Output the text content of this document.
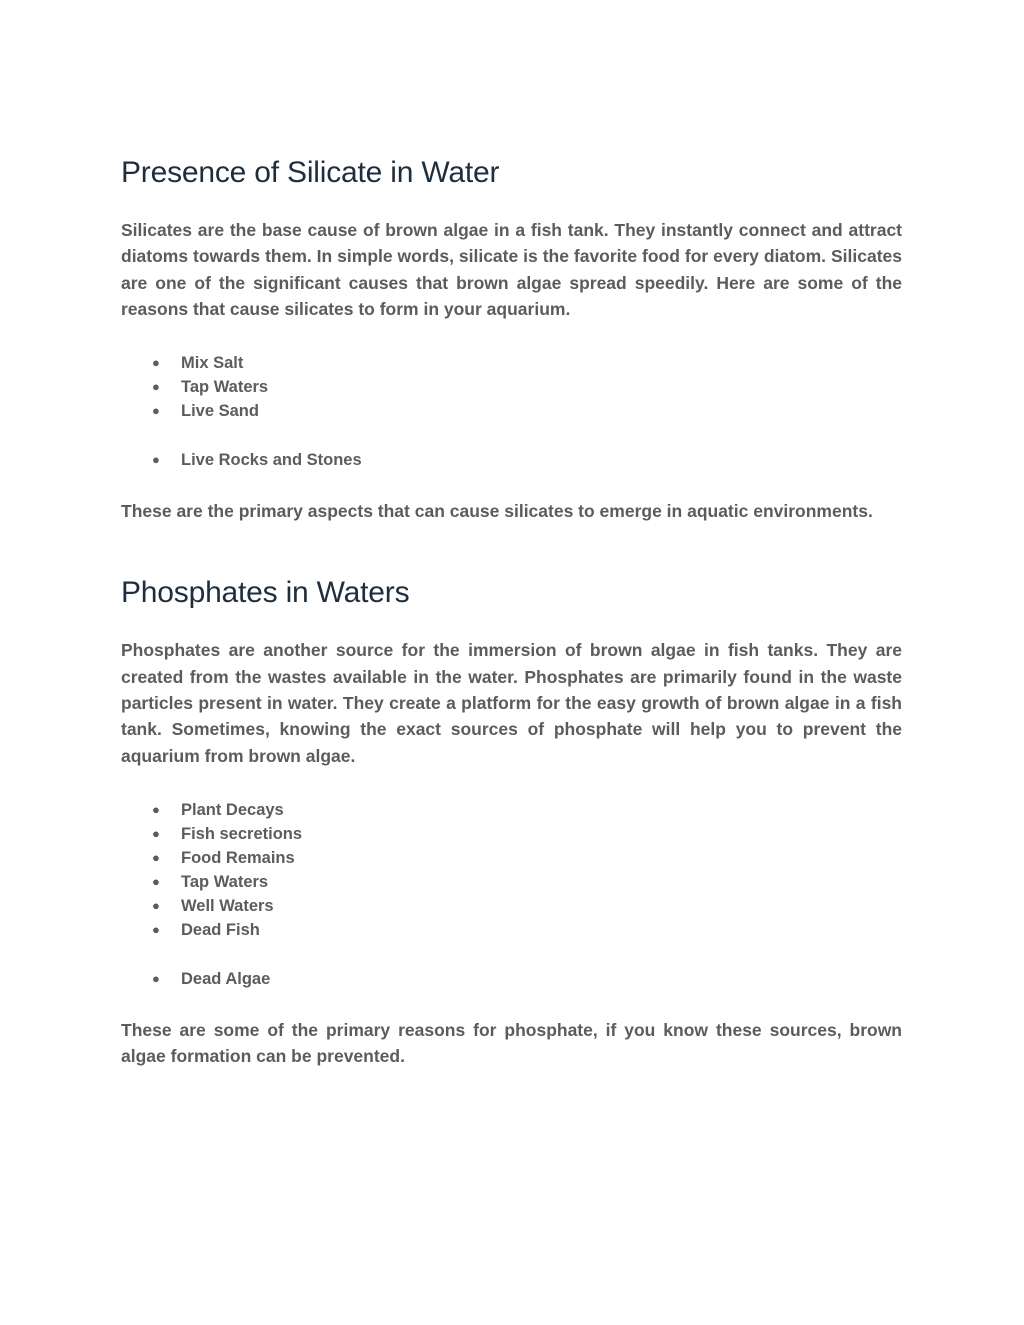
Presence of Silicate in Water

Silicates are the base cause of brown algae in a fish tank. They instantly connect and attract diatoms towards them. In simple words, silicate is the favorite food for every diatom. Silicates are one of the significant causes that brown algae spread speedily. Here are some of the reasons that cause silicates to form in your aquarium.

● Mix Salt
● Tap Waters
● Live Sand
● Live Rocks and Stones

These are the primary aspects that can cause silicates to emerge in aquatic environments.

Phosphates in Waters

Phosphates are another source for the immersion of brown algae in fish tanks. They are created from the wastes available in the water. Phosphates are primarily found in the waste particles present in water. They create a platform for the easy growth of brown algae in a fish tank. Sometimes, knowing the exact sources of phosphate will help you to prevent the aquarium from brown algae.

● Plant Decays
● Fish secretions
● Food Remains
● Tap Waters
● Well Waters
● Dead Fish
● Dead Algae

These are some of the primary reasons for phosphate, if you know these sources, brown algae formation can be prevented.
